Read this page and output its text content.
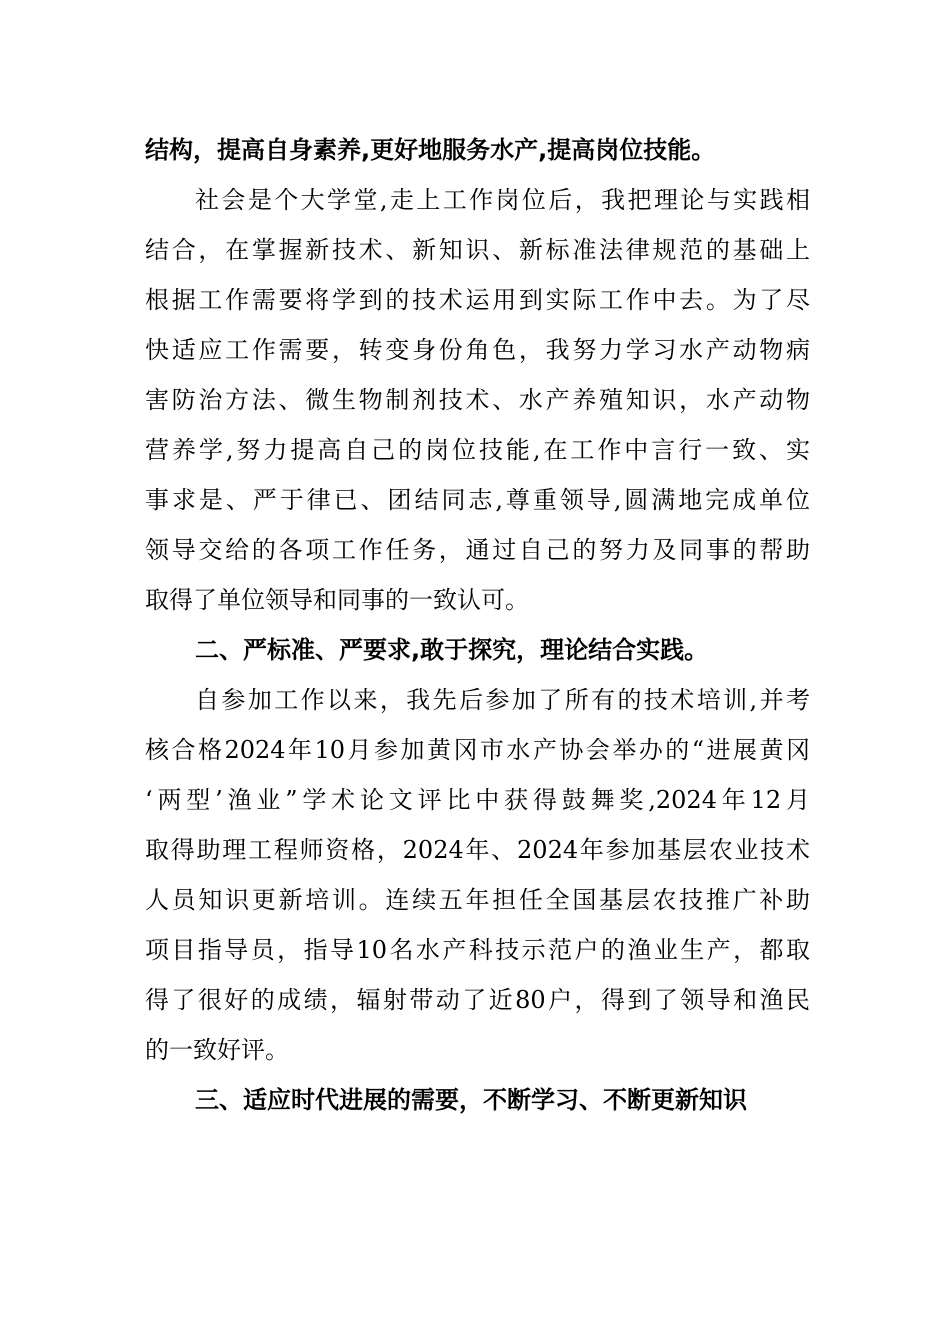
结构，提高自身素养,更好地服务水产,提高岗位技能。
社会是个大学堂,走上工作岗位后，我把理论与实践相
结合，在掌握新技术、新知识、新标准法律规范的基础上
根据工作需要将学到的技术运用到实际工作中去。为了尽
快适应工作需要，转变身份角色，我努力学习水产动物病
害防治方法、微生物制剂技术、水产养殖知识，水产动物
营养学,努力提高自己的岗位技能,在工作中言行一致、实
事求是、严于律已、团结同志,尊重领导,圆满地完成单位
领导交给的各项工作任务，通过自己的努力及同事的帮助
取得了单位领导和同事的一致认可。
二、严标准、严要求,敢于探究，理论结合实践。
自参加工作以来，我先后参加了所有的技术培训,并考
核合格2024年10月参加黄冈市水产协会举办的“进展黄冈
‘两型’渔业”学术论文评比中获得鼓舞奖,2024年12月
取得助理工程师资格，2024年、2024年参加基层农业技术
人员知识更新培训。连续五年担任全国基层农技推广补助
项目指导员，指导10名水产科技示范户的渔业生产，都取
得了很好的成绩，辐射带动了近80户，得到了领导和渔民
的一致好评。
三、适应时代进展的需要，不断学习、不断更新知识
